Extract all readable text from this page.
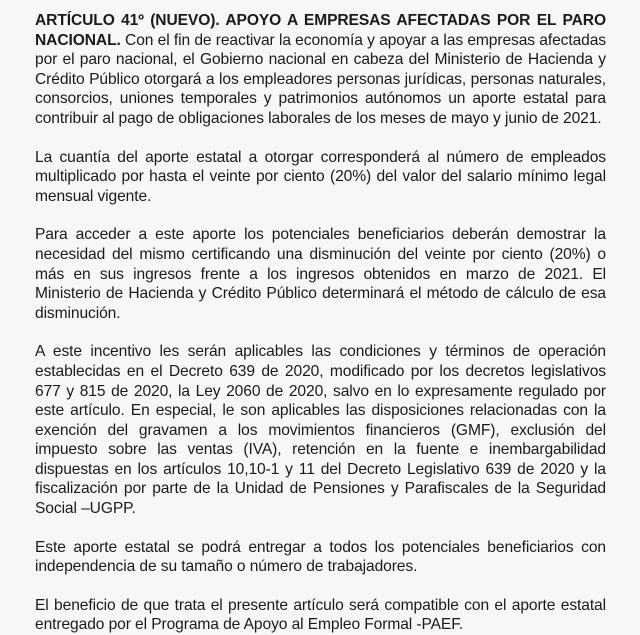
ARTÍCULO 41º (NUEVO). APOYO A EMPRESAS AFECTADAS POR EL PARO NACIONAL. Con el fin de reactivar la economía y apoyar a las empresas afectadas por el paro nacional, el Gobierno nacional en cabeza del Ministerio de Hacienda y Crédito Público otorgará a los empleadores personas jurídicas, personas naturales, consorcios, uniones temporales y patrimonios autónomos un aporte estatal para contribuir al pago de obligaciones laborales de los meses de mayo y junio de 2021.

La cuantía del aporte estatal a otorgar corresponderá al número de empleados multiplicado por hasta el veinte por ciento (20%) del valor del salario mínimo legal mensual vigente.

Para acceder a este aporte los potenciales beneficiarios deberán demostrar la necesidad del mismo certificando una disminución del veinte por ciento (20%) o más en sus ingresos frente a los ingresos obtenidos en marzo de 2021. El Ministerio de Hacienda y Crédito Público determinará el método de cálculo de esa disminución.

A este incentivo les serán aplicables las condiciones y términos de operación establecidas en el Decreto 639 de 2020, modificado por los decretos legislativos 677 y 815 de 2020, la Ley 2060 de 2020, salvo en lo expresamente regulado por este artículo. En especial, le son aplicables las disposiciones relacionadas con la exención del gravamen a los movimientos financieros (GMF), exclusión del impuesto sobre las ventas (IVA), retención en la fuente e inembargabilidad dispuestas en los artículos 10,10-1 y 11 del Decreto Legislativo 639 de 2020 y la fiscalización por parte de la Unidad de Pensiones y Parafiscales de la Seguridad Social –UGPP.

Este aporte estatal se podrá entregar a todos los potenciales beneficiarios con independencia de su tamaño o número de trabajadores.

El beneficio de que trata el presente artículo será compatible con el aporte estatal entregado por el Programa de Apoyo al Empleo Formal -PAEF.
